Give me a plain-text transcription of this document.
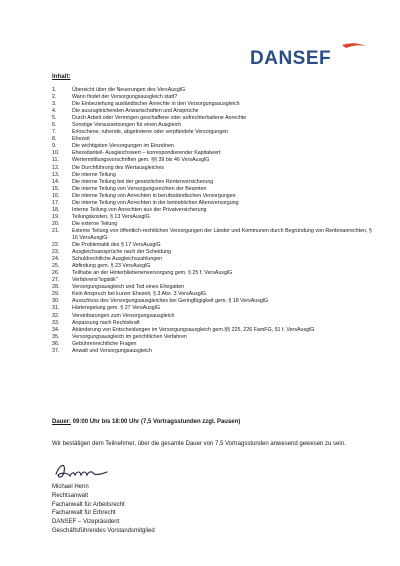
DANSEF
Inhalt:
1.	Übersicht über die Neuerungen des VersAusglG
2.	Wann findet der Versorgungsausgleich statt?
3.	Die Einbeziehung ausländischer Anrechte in den Versorgungsausgleich
4.	Die auszugleichenden Anwartschaften und Ansprüche
5.	Durch Arbeit oder Vermögen geschaffene oder aufrechterhaltene Anrechte
6.	Sonstige Voraussetzungen für einen Ausgleich
7.	Erloschene, ruhende, abgetretene oder verpfändete Versorgungen
8.	Ehezeit
9.	Die wichtigsten Versorgungen im Einzelnen
10.	Ehezeitanteil- Ausgleichswert – korrespondierender Kapitalwert
11.	Wertermittlungsvorschriften gem. §§ 39 bis 46 VersAusglG
12.	Die Durchführung des Wertausgleiches
13.	Die interne Teilung
14.	Die interne Teilung bei der gesetzlichen Rentenversicherung
15.	Die interne Teilung von Versorgungsrechten der Beamten
16.	Die interne Teilung von Anrechten in berufsständischen Versorgungen
17.	Die interne Teilung von Anrechten in der betrieblichen Altersversorgung
18.	Interne Teilung von Anrechten aus der Privatversicherung
19.	Teilungskosten, § 13 VersAusglG
20.	Die externe Teilung
21.	Externe Teilung von öffentlich-rechtlichen Versorgungen der Länder und Kommunen durch Begründung von Rentenanrechten, § 16 VersAusglG
22.	Die Problematik des § 17 VersAusglG
23.	Ausgleichsansprüche nach der Scheidung
24.	Schuldrechtliche Ausgleichszahlungen
25.	Abfindung gem. § 23 VersAusglG
26.	Teilhabe an der Hinterbliebenenversorgung gem. § 25 f. VersAusglG
27.	Verfahrens"logistik"
28.	Versorgungsausgleich und Tod eines Ehegatten
29.	Kein Anspruch bei kurzer Ehezeit, § 3 Abs. 3 VersAusglG
30.	Ausschluss des Versorgungsausgleiches bei Geringfügigkeit gem. § 18 VersAusglG
31.	Härteregelung gem. § 27 VersAusglG
32.	Vereinbarungen zum Versorgungsausgleich
33.	Anpassung nach Rechtskraft
34.	Abänderung von Entscheidungen im Versorgungsausgleich gem.§§ 225, 226 FamFG, 51 f. VersAusglG
35.	Versorgungsausgleich im gerichtlichen Verfahren
36.	Gebührenrechtliche Fragen
37.	Anwalt und Versorgungsausgleich
Dauer: 09:00 Uhr bis 18:00 Uhr (7,5 Vortragsstunden zzgl. Pausen)
Wir bestätigen dem Teilnehmer, über die gesamte Dauer von 7,5 Vortragsstunden anwesend gewesen zu sein.
Michael Henn
Rechtsanwalt
Fachanwalt für Arbeitsrecht
Fachanwalt für Erbrecht
DANSEF – Vizepräsident
Geschäftsführendes Vorstandsmitglied
